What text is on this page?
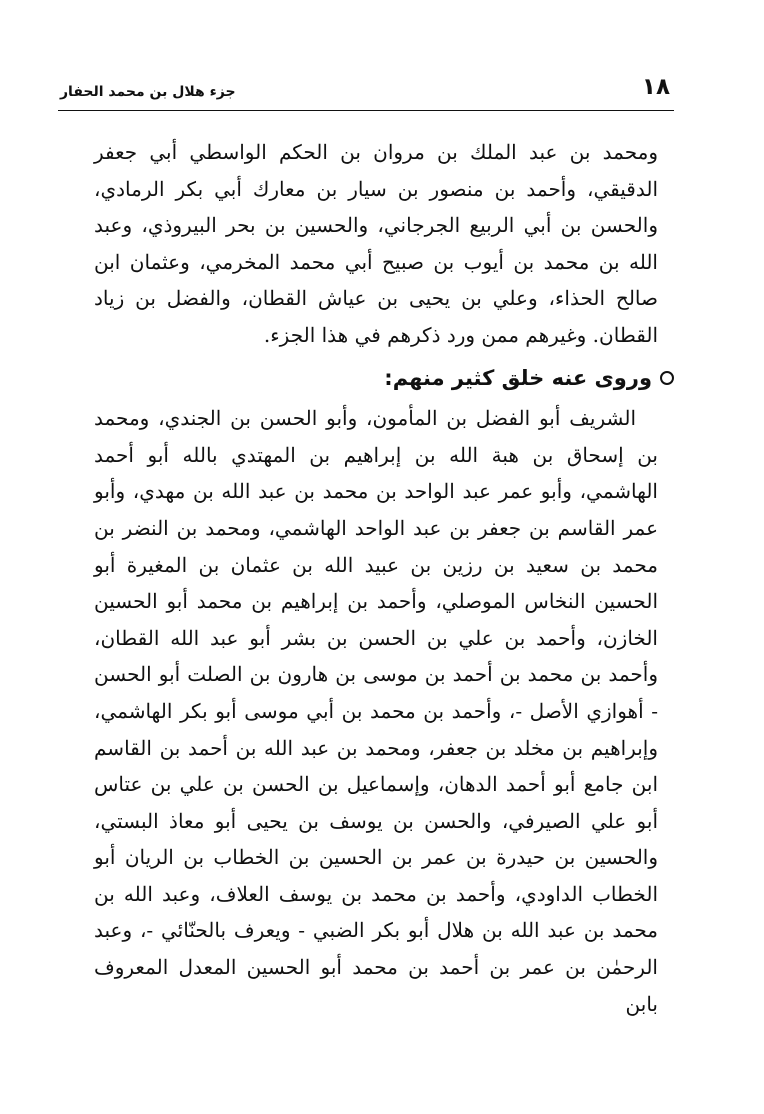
١٨
جزء هلال بن محمد الحفار

ومحمد بن عبد الملك بن مروان بن الحكم الواسطي أبي جعفر الدقيقي، وأحمد بن منصور بن سيار بن معارك أبي بكر الرمادي، والحسن بن أبي الربيع الجرجاني، والحسين بن بحر البيروذي، وعبد الله بن محمد بن أيوب بن صبيح أبي محمد المخرمي، وعثمان ابن صالح الحذاء، وعلي بن يحيى بن عياش القطان، والفضل بن زياد القطان. وغيرهم ممن ورد ذكرهم في هذا الجزء.

وروى عنه خلق كثير منهم:

الشريف أبو الفضل بن المأمون، وأبو الحسن بن الجندي، ومحمد بن إسحاق بن هبة الله بن إبراهيم بن المهتدي بالله أبو أحمد الهاشمي، وأبو عمر عبد الواحد بن محمد بن عبد الله بن مهدي، وأبو عمر القاسم بن جعفر بن عبد الواحد الهاشمي، ومحمد بن النضر بن محمد بن سعيد بن رزين بن عبيد الله بن عثمان بن المغيرة أبو الحسين النخاس الموصلي، وأحمد بن إبراهيم بن محمد أبو الحسين الخازن، وأحمد بن علي بن الحسن بن بشر أبو عبد الله القطان، وأحمد بن محمد بن أحمد بن موسى بن هارون بن الصلت أبو الحسن - أهوازي الأصل -، وأحمد بن محمد بن أبي موسى أبو بكر الهاشمي، وإبراهيم بن مخلد بن جعفر، ومحمد بن عبد الله بن أحمد بن القاسم ابن جامع أبو أحمد الدهان، وإسماعيل بن الحسن بن علي بن عتاس أبو علي الصيرفي، والحسن بن يوسف بن يحيى أبو معاذ البستي، والحسين بن حيدرة بن عمر بن الحسين بن الخطاب بن الريان أبو الخطاب الداودي، وأحمد بن محمد بن يوسف العلاف، وعبد الله بن محمد بن عبد الله بن هلال أبو بكر الضبي - ويعرف بالحنّائي -، وعبد الرحمٰن بن عمر بن أحمد بن محمد أبو الحسين المعدل المعروف بابن
